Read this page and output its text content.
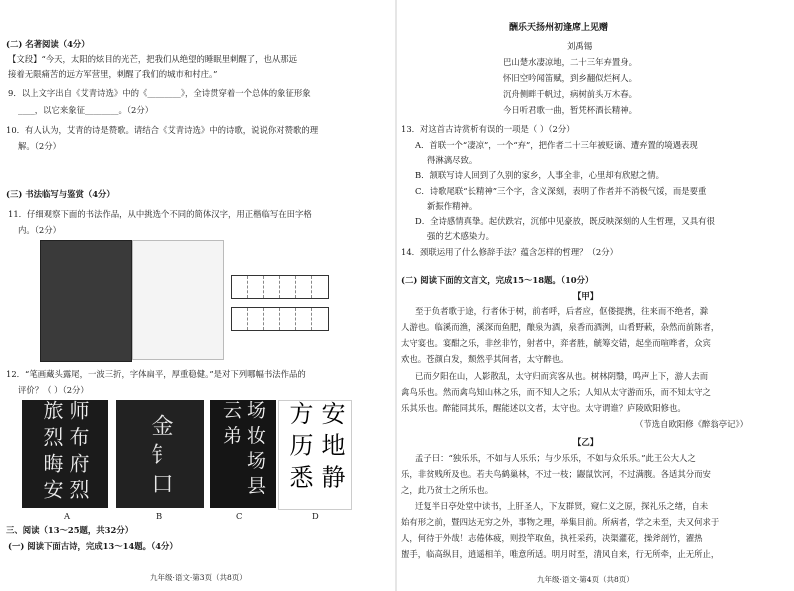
(二) 名著阅读（4分）
【文段】“今天，太阳的炫目的光芒，把我们从绝望的睡眠里刺醒了，也从那远
接着无限痛苦的远方军营里，刺醒了我们的城市和村庄。”
9．以上文字出自《艾青诗选》中的《________》，全诗贯穿着一个总体的象征形象
____，以它来象征________。（2分）
10．有人认为，艾青的诗是赞歌。请结合《艾青诗选》中的诗歌，说说你对赞歌的理
解。（2分）
(三) 书法临写与鉴赏（4分）
11．仔细观察下面的书法作品，从中挑选个不同的简体汉字，用正楷临写在田字格
内。（2分）
12．“笔画藏头露尾，一波三折，字体扁平，厚重稳健。”是对下列哪幅书法作品的
评价？（ ）（2分）
师 布 府 烈 旅 烈 晦 安	金 钅 口	场 妆 场 县 云 弟	安 地 静 方 历 悉
A	B	C	D
三、阅读（13～25题，共32分）
(一) 阅读下面古诗，完成13～14题。（4分）
九年级·语文·第3页（共8页）
酬乐天扬州初逢席上见赠
刘禹锡
巴山楚水凄凉地，二十三年弃置身。
怀旧空吟闻笛赋，到乡翻似烂柯人。
沉舟侧畔千帆过，病树前头万木春。
今日听君歌一曲，暂凭杯酒长精神。
13．对这首古诗赏析有误的一项是（ ）（2分）
A．首联一个“凄凉”，一个“弃”，把作者二十三年被贬谪、遭弃置的境遇表现
得淋漓尽致。
B．颔联写诗人回到了久别的家乡，人事全非，心里却有欣慰之情。
C．诗歌尾联“长精神”三个字，含义深刻，表明了作者并不消极气馁，而是要重
新振作精神。
D．全诗感情真挚。起伏跌宕，沉郁中见豪放，既反映深刻的人生哲理，又具有很
强的艺术感染力。
14．颈联运用了什么修辞手法？蕴含怎样的哲理？（2分）
(二) 阅读下面的文言文，完成15～18题。（10分）
【甲】
至于负者歌于途，行者休于树，前者呼，后者应，伛偻提携，往来而不绝者，滁
人游也。临溪而渔，溪深而鱼肥，酿泉为酒，泉香而酒洌，山肴野蔌，杂然而前陈者，
太守宴也。宴酣之乐，非丝非竹，射者中，弈者胜，觥筹交错，起坐而喧哗者，众宾
欢也。苍颜白发，颓然乎其间者，太守醉也。
已而夕阳在山，人影散乱，太守归而宾客从也。树林阴翳，鸣声上下，游人去而
禽鸟乐也。然而禽鸟知山林之乐，而不知人之乐；人知从太守游而乐，而不知太守之
乐其乐也。醉能同其乐，醒能述以文者，太守也。太守谓谁？庐陵欧阳修也。
（节选自欧阳修《醉翁亭记》）
【乙】
孟子曰：“独乐乐，不如与人乐乐；与少乐乐，不如与众乐乐。”此王公大人之
乐，非贫贱所及也。若夫鸟鹤巢林，不过一枝；鼹鼠饮河，不过满腹。各适其分而安
之，此乃贫士之所乐也。
迁复半日亭处堂中读书，上肝圣人，下友群贤，窥仁义之原，探礼乐之绪，自未
始有形之前，暨四达无穷之外，事物之理，举集目前。所病者，学之未至，夫又何求于
人，何待于外哉！志倦体疲，则投竿取鱼，执衽采药，决渠灌花，操斧剖竹，濯热
盥手，临高纵目，逍遥相羊，唯意所适。明月时至，清风自来，行无所牵，止无所止，
九年级·语文·第4页（共8页）
